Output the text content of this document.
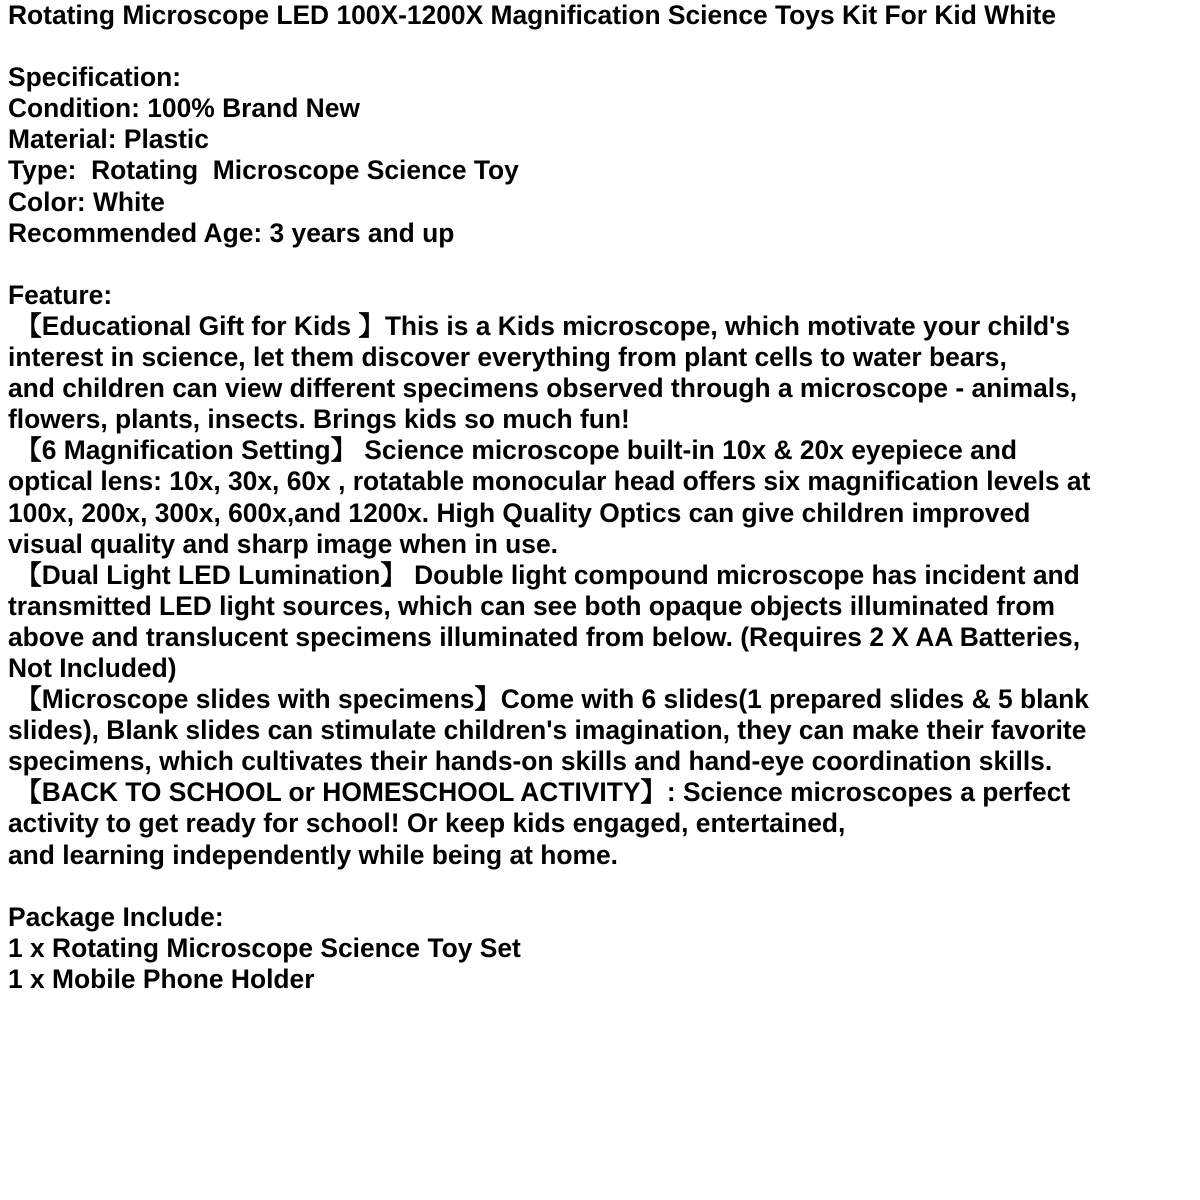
Rotating Microscope LED 100X-1200X Magnification Science Toys Kit For Kid White
Specification:
Condition: 100% Brand New
Material: Plastic
Type:  Rotating  Microscope Science Toy
Color: White
Recommended Age: 3 years and up
Feature:
【Educational Gift for Kids 】This is a Kids microscope, which motivate your child's
interest in science, let them discover everything from plant cells to water bears,
and children can view different specimens observed through a microscope - animals,
flowers, plants, insects. Brings kids so much fun!
【6 Magnification Setting】 Science microscope built-in 10x & 20x eyepiece and
optical lens: 10x, 30x, 60x , rotatable monocular head offers six magnification levels at
100x, 200x, 300x, 600x,and 1200x. High Quality Optics can give children improved
visual quality and sharp image when in use.
【Dual Light LED Lumination】 Double light compound microscope has incident and
transmitted LED light sources, which can see both opaque objects illuminated from
above and translucent specimens illuminated from below. (Requires 2 X AA Batteries,
Not Included)
【Microscope slides with specimens】Come with 6 slides(1 prepared slides & 5 blank
slides), Blank slides can stimulate children's imagination, they can make their favorite
specimens, which cultivates their hands-on skills and hand-eye coordination skills.
【BACK TO SCHOOL or HOMESCHOOL ACTIVITY】: Science microscopes a perfect
activity to get ready for school! Or keep kids engaged, entertained,
and learning independently while being at home.
Package Include:
1 x Rotating Microscope Science Toy Set
1 x Mobile Phone Holder
